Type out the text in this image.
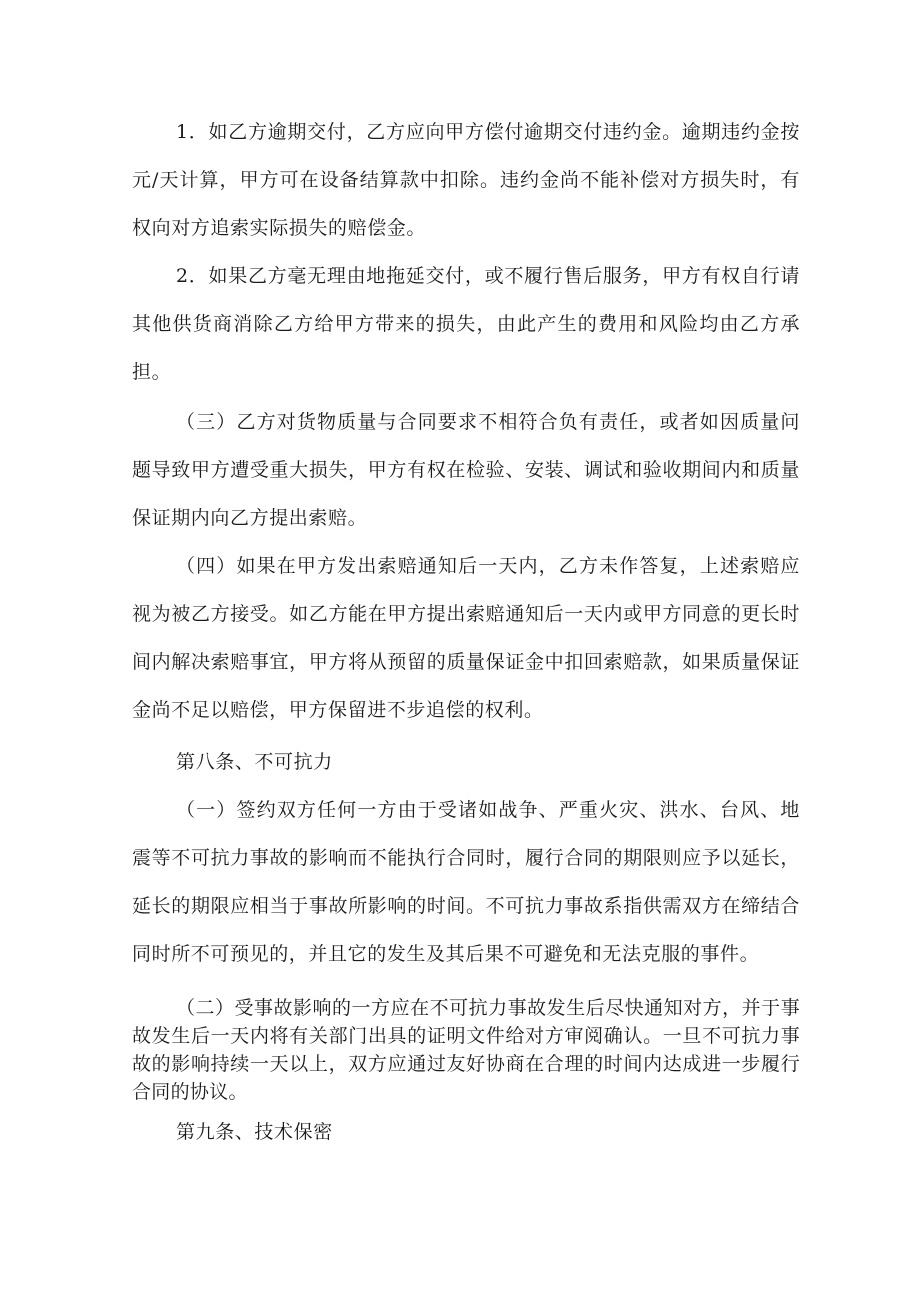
1．如乙方逾期交付，乙方应向甲方偿付逾期交付违约金。逾期违约金按元/天计算，甲方可在设备结算款中扣除。违约金尚不能补偿对方损失时，有权向对方追索实际损失的赔偿金。

2．如果乙方毫无理由地拖延交付，或不履行售后服务，甲方有权自行请其他供货商消除乙方给甲方带来的损失，由此产生的费用和风险均由乙方承担。

（三）乙方对货物质量与合同要求不相符合负有责任，或者如因质量问题导致甲方遭受重大损失，甲方有权在检验、安装、调试和验收期间内和质量保证期内向乙方提出索赔。

（四）如果在甲方发出索赔通知后一天内，乙方未作答复，上述索赔应视为被乙方接受。如乙方能在甲方提出索赔通知后一天内或甲方同意的更长时间内解决索赔事宜，甲方将从预留的质量保证金中扣回索赔款，如果质量保证金尚不足以赔偿，甲方保留进不步追偿的权利。

第八条、不可抗力

（一）签约双方任何一方由于受诸如战争、严重火灾、洪水、台风、地震等不可抗力事故的影响而不能执行合同时，履行合同的期限则应予以延长，延长的期限应相当于事故所影响的时间。不可抗力事故系指供需双方在缔结合同时所不可预见的，并且它的发生及其后果不可避免和无法克服的事件。

（二）受事故影响的一方应在不可抗力事故发生后尽快通知对方，并于事故发生后一天内将有关部门出具的证明文件给对方审阅确认。一旦不可抗力事故的影响持续一天以上，双方应通过友好协商在合理的时间内达成进一步履行合同的协议。

第九条、技术保密
